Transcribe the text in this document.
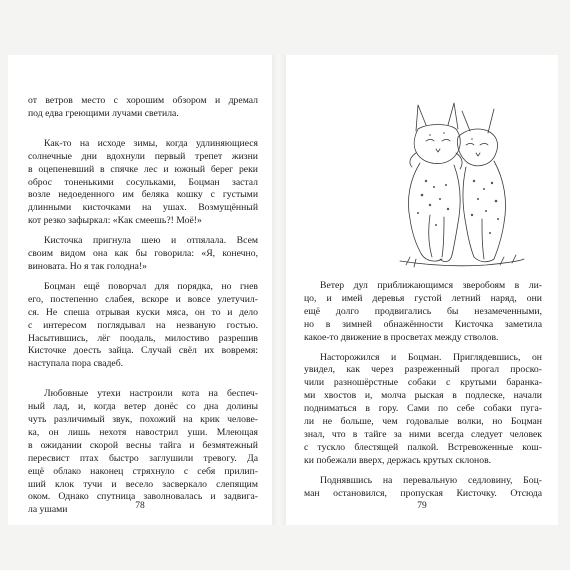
от ветров место с хорошим обзором и дремал
под едва греющими лучами светила.
Как-то на исходе зимы, когда удлиняющиеся
солнечные дни вдохнули первый трепет жизни
в оцепеневший в спячке лес и южный берег реки
оброс тоненькими сосульками, Боцман застал
возле недоеденного им беляка кошку с густыми
длинными кисточками на ушах. Возмущённый
кот резко зафыркал: «Как смеешь?! Моё!»
Кисточка пригнула шею и отпялала. Всем
своим видом она как бы говорила: «Я, конечно,
виновата. Но я так голодна!»
Боцман ещё поворчал для порядка, но гнев
его, постепенно слабея, вскоре и вовсе улетучил-
ся. Не спеша отрывая куски мяса, он то и дело
с интересом поглядывал на незваную гостью.
Насытившись, лёг поодаль, милостиво разрешив
Кисточке доесть зайца. Случай свёл их вовремя:
наступала пора свадеб.
Любовные утехи настроили кота на беспеч-
ный лад, и, когда ветер донёс со дна долины
чуть различимый звук, похожий на крик челове-
ка, он лишь нехотя навострил уши. Млеющая
в ожидании скорой весны тайга и безмятежный
пересвист птах быстро заглушили тревогу. Да
ещё облако наконец стряхнуло с себя прилип-
ший клок тучи и весело засверкало слепящим
оком. Однако спутница заволновалась и задвига-
ла ушами	78
Ветер дул приближающимся зверобоям в ли-
цо, и имей деревья густой летний наряд, они
ещё долго продвигались бы незамеченными,
но в зимней обнажённости Кисточка заметила
какое-то движение в просветах между стволов.
Насторожился и Боцман. Приглядевшись, он
увидел, как через разреженный прогал проско-
чили разношёрстные собаки с крутыми баранка-
ми хвостов и, молча рыская в подлеске, начали
подниматься в гору. Сами по себе собаки пуга-
ли не больше, чем годовалые волки, но Боцман
знал, что в тайге за ними всегда следует человек
с тускло блестящей палкой. Встревоженные кош-
ки побежали вверх, держась крутых склонов.
Поднявшись на перевальную седловину, Боц-
ман остановился, пропуская Кисточку. Отсюда
79
